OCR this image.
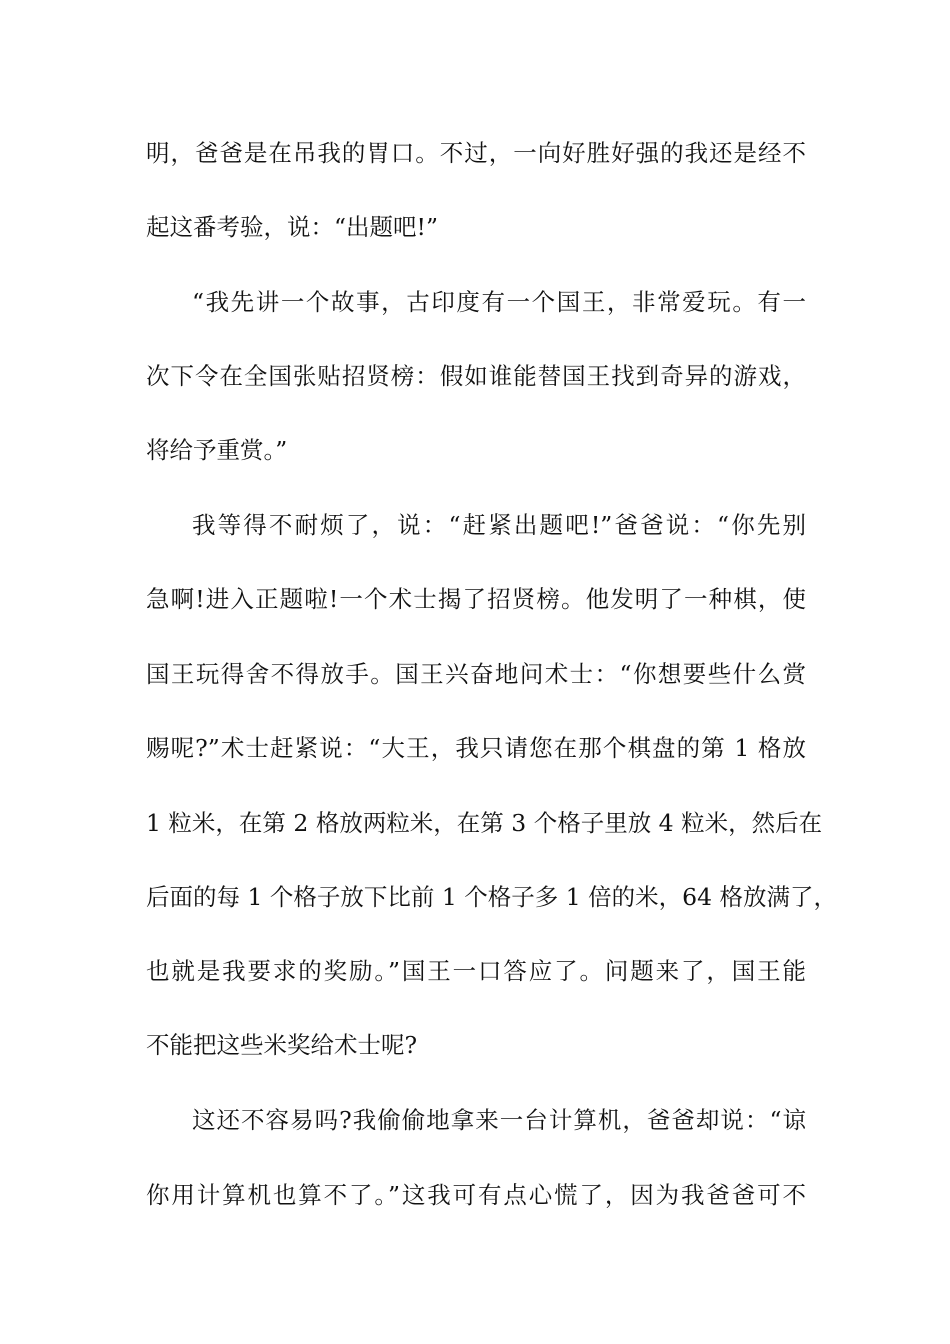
明，爸爸是在吊我的胃口。不过，一向好胜好强的我还是经不
起这番考验，说：“出题吧!”
“我先讲一个故事，古印度有一个国王，非常爱玩。有一
次下令在全国张贴招贤榜：假如谁能替国王找到奇异的游戏，
将给予重赏。”
我等得不耐烦了，说：“赶紧出题吧!”爸爸说：“你先别
急啊!进入正题啦!一个术士揭了招贤榜。他发明了一种棋，使
国王玩得舍不得放手。国王兴奋地问术士：“你想要些什么赏
赐呢?”术士赶紧说：“大王，我只请您在那个棋盘的第 1 格放
1 粒米，在第 2 格放两粒米，在第 3 个格子里放 4 粒米，然后在
后面的每 1 个格子放下比前 1 个格子多 1 倍的米，64 格放满了，
也就是我要求的奖励。”国王一口答应了。问题来了，国王能
不能把这些米奖给术士呢?
这还不容易吗?我偷偷地拿来一台计算机，爸爸却说：“谅
你用计算机也算不了。”这我可有点心慌了，因为我爸爸可不
